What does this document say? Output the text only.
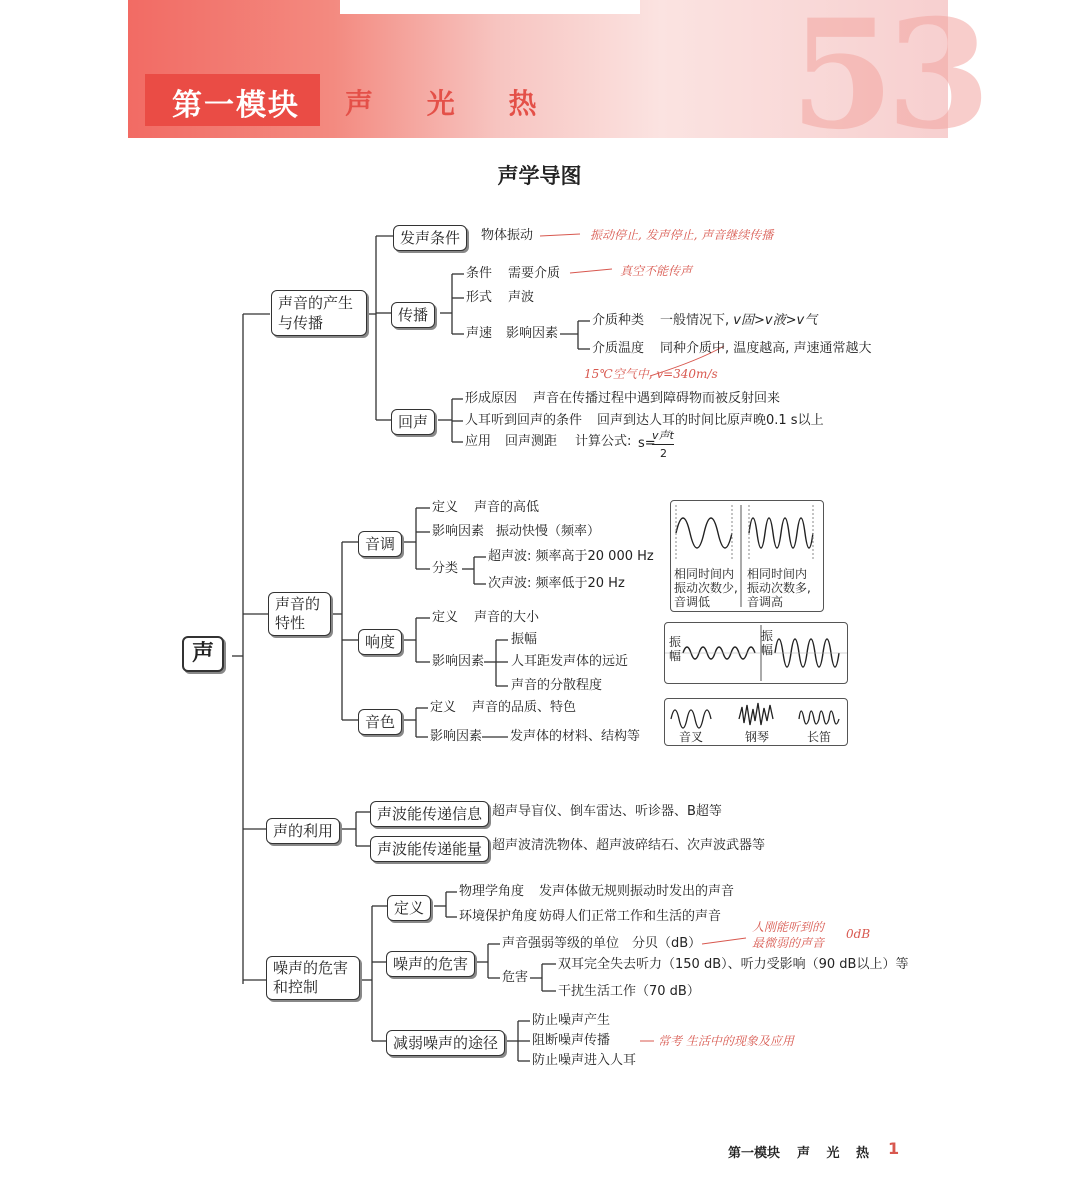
53
第一模块 声 光 热
声学导图
声
声音的产生
与传播
发声条件	物体振动	振动停止, 发声停止, 声音继续传播
传播
条件 需要介质	真空不能传声
形式 声波
声速 影响因素
介质种类 一般情况下, v固>v液>v气
介质温度 同种介质中, 温度越高, 声速通常越大
15℃空气中, v=340m/s
回声
形成原因 声音在传播过程中遇到障碍物而被反射回来
人耳听到回声的条件 回声到达人耳的时间比原声晚0.1 s以上
应用 回声测距 计算公式: s=
v声t
2
声音的
特性
音调
定义 声音的高低
影响因素 振动快慢（频率）
分类
超声波: 频率高于20 000 Hz
次声波: 频率低于20 Hz
相同时间内
振动次数少,
音调低
相同时间内
振动次数多,
音调高
响度
定义 声音的大小
影响因素
振幅
人耳距发声体的远近
声音的分散程度
振
幅
振
幅
音色
定义 声音的品质、特色
影响因素 发声体的材料、结构等	音叉	钢琴	长笛
声的利用
声波能传递信息 超声导盲仪、倒车雷达、听诊器、B超等
声波能传递能量 超声波清洗物体、超声波碎结石、次声波武器等
噪声的危害
和控制
定义
物理学角度 发声体做无规则振动时发出的声音
环境保护角度 妨碍人们正常工作和生活的声音
噪声的危害
声音强弱等级的单位 分贝（dB）
人刚能听到的
最微弱的声音
0dB
危害
双耳完全失去听力（150 dB）、听力受影响（90 dB以上）等
干扰生活工作（70 dB）
减弱噪声的途径
防止噪声产生
阻断噪声传播
防止噪声进入人耳
常考 生活中的现象及应用
第一模块 声 光 热 1
